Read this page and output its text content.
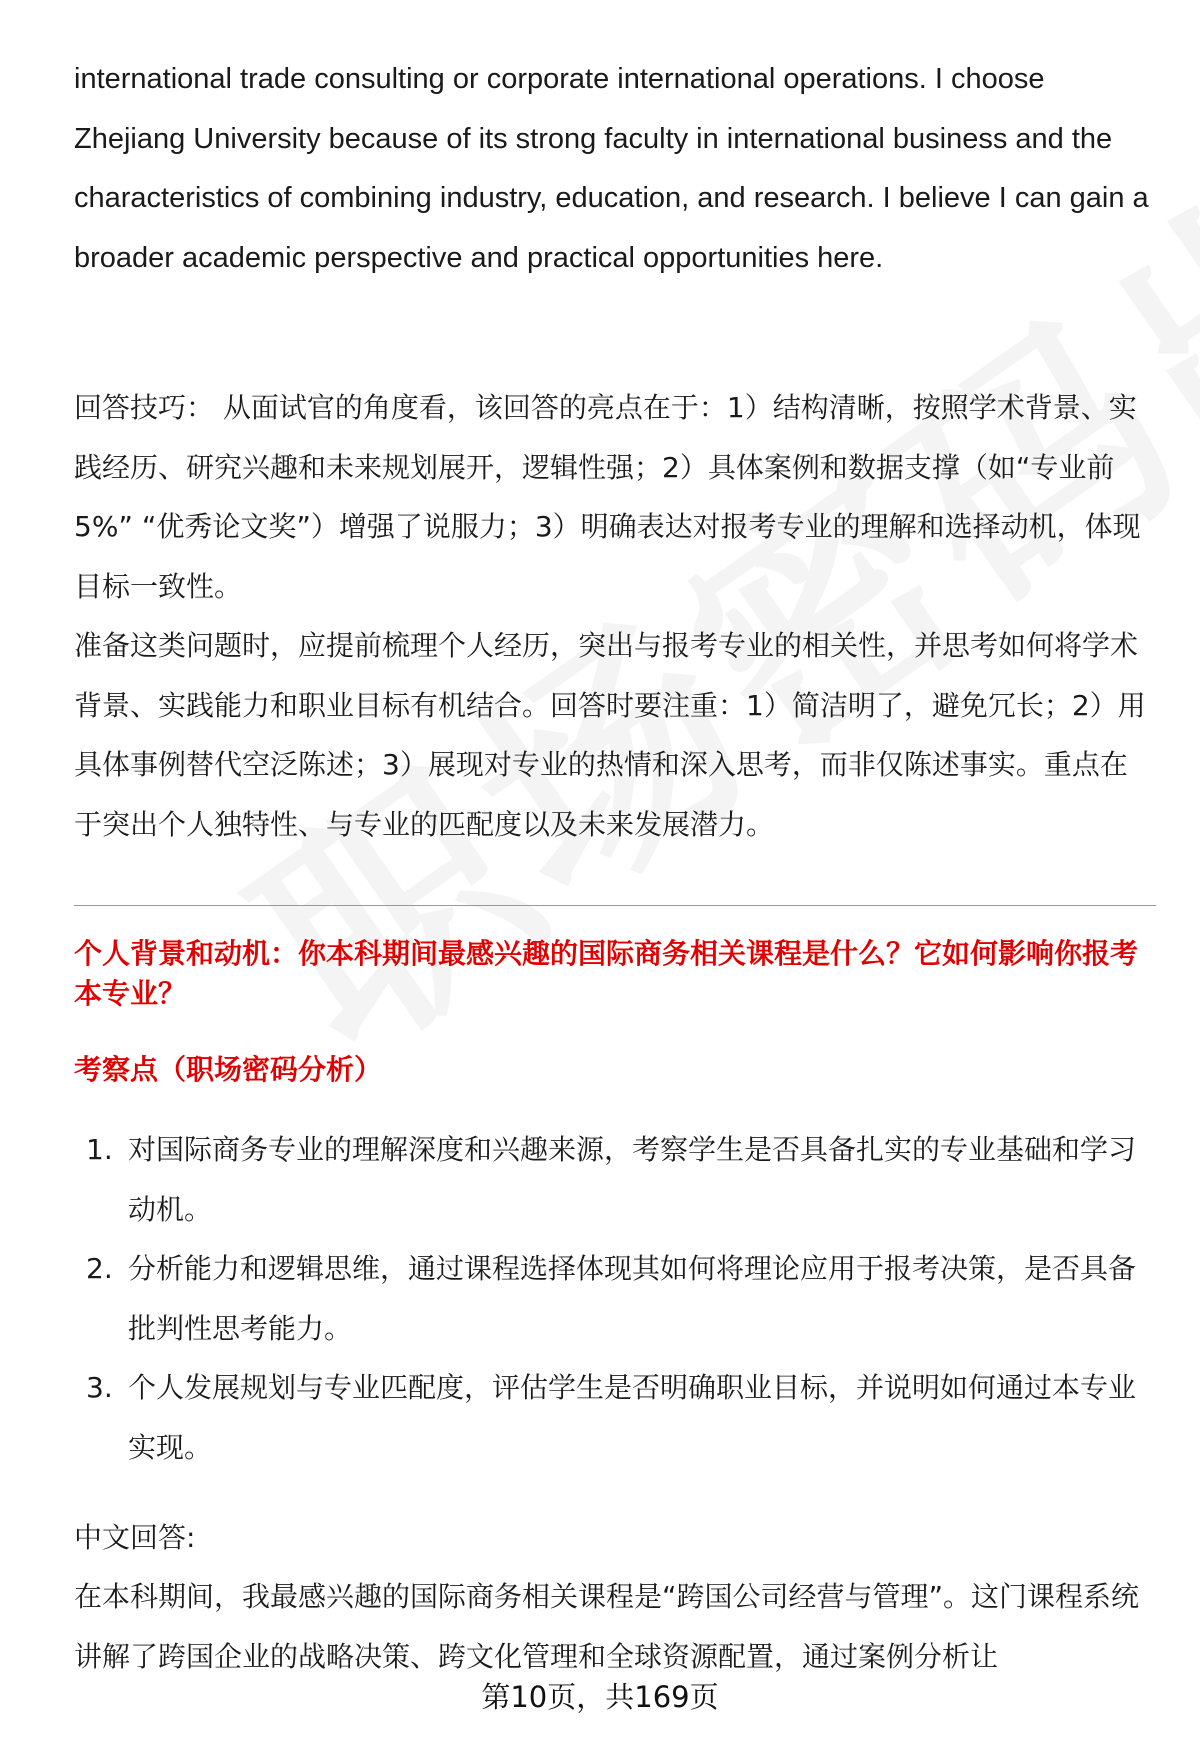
international trade consulting or corporate international operations. I choose Zhejiang University because of its strong faculty in international business and the characteristics of combining industry, education, and research. I believe I can gain a broader academic perspective and practical opportunities here.

回答技巧： 从面试官的角度看，该回答的亮点在于：1）结构清晰，按照学术背景、实践经历、研究兴趣和未来规划展开，逻辑性强；2）具体案例和数据支撑（如“专业前5%” “优秀论文奖”）增强了说服力；3）明确表达对报考专业的理解和选择动机，体现目标一致性。

准备这类问题时，应提前梳理个人经历，突出与报考专业的相关性，并思考如何将学术背景、实践能力和职业目标有机结合。回答时要注重：1）简洁明了，避免冗长；2）用具体事例替代空泛陈述；3）展现对专业的热情和深入思考，而非仅陈述事实。重点在于突出个人独特性、与专业的匹配度以及未来发展潜力。

个人背景和动机：你本科期间最感兴趣的国际商务相关课程是什么？它如何影响你报考本专业？
考察点（职场密码分析）
1. 对国际商务专业的理解深度和兴趣来源，考察学生是否具备扎实的专业基础和学习动机。
2. 分析能力和逻辑思维，通过课程选择体现其如何将理论应用于报考决策，是否具备批判性思考能力。
3. 个人发展规划与专业匹配度，评估学生是否明确职业目标，并说明如何通过本专业实现。

中文回答:

在本科期间，我最感兴趣的国际商务相关课程是“跨国公司经营与管理”。这门课程系统讲解了跨国企业的战略决策、跨文化管理和全球资源配置，通过案例分析让

第10页，共169页
